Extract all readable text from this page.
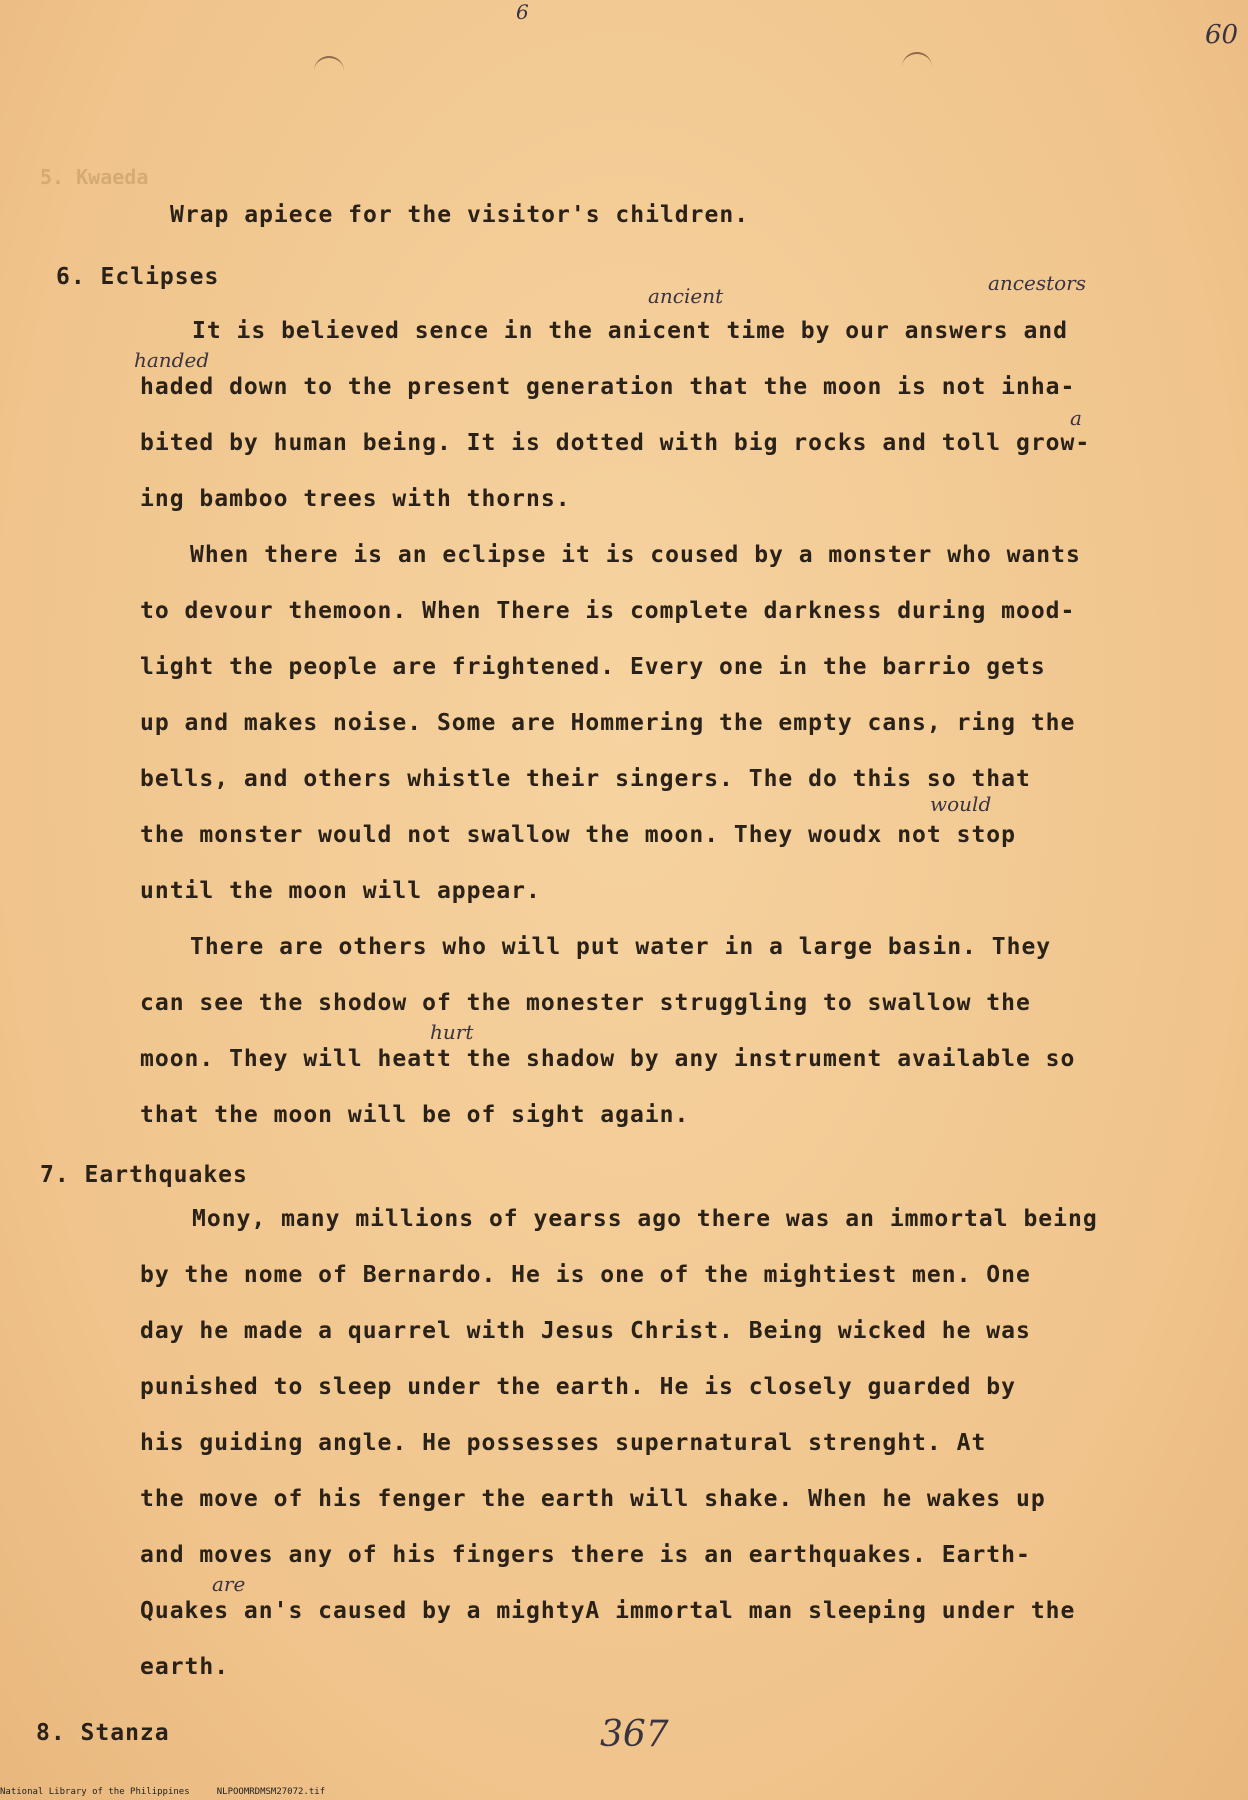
5. Kwaeda
6
60
Wrap apiece for the visitor's children.
6. Eclipses
ancient
ancestors
It is believed sence in the anicent time by our answers and
handed
haded down to the present generation that the moon is not inha-
a
bited by human being. It is dotted with big rocks and toll grow-
ing bamboo trees with thorns.
When there is an eclipse it is coused by a monster who wants
to devour themoon. When There is complete darkness during mood-
light the people are frightened. Every one in the barrio gets
up and makes noise. Some are Hommering the empty cans, ring the
bells, and others whistle their singers. The do this so that
would
the monster would not swallow the moon. They woudx not stop
until the moon will appear.
There are others who will put water in a large basin. They
can see the shodow of the monester struggling to swallow the
hurt
moon. They will heatt the shadow by any instrument available so
that the moon will be of sight again.
7. Earthquakes
Mony, many millions of yearss ago there was an immortal being
by the nome of Bernardo. He is one of the mightiest men. One
day he made a quarrel with Jesus Christ. Being wicked he was
punished to sleep under the earth. He is closely guarded by
his guiding angle. He possesses supernatural strenght. At
the move of his fenger the earth will shake. When he wakes up
and moves any of his fingers there is an earthquakes. Earth-
are
Quakes an's caused by a mightyA immortal man sleeping under the
earth.
8. Stanza	367
National Library of the Philippines     NLPOOMRDMSM27072.tif
